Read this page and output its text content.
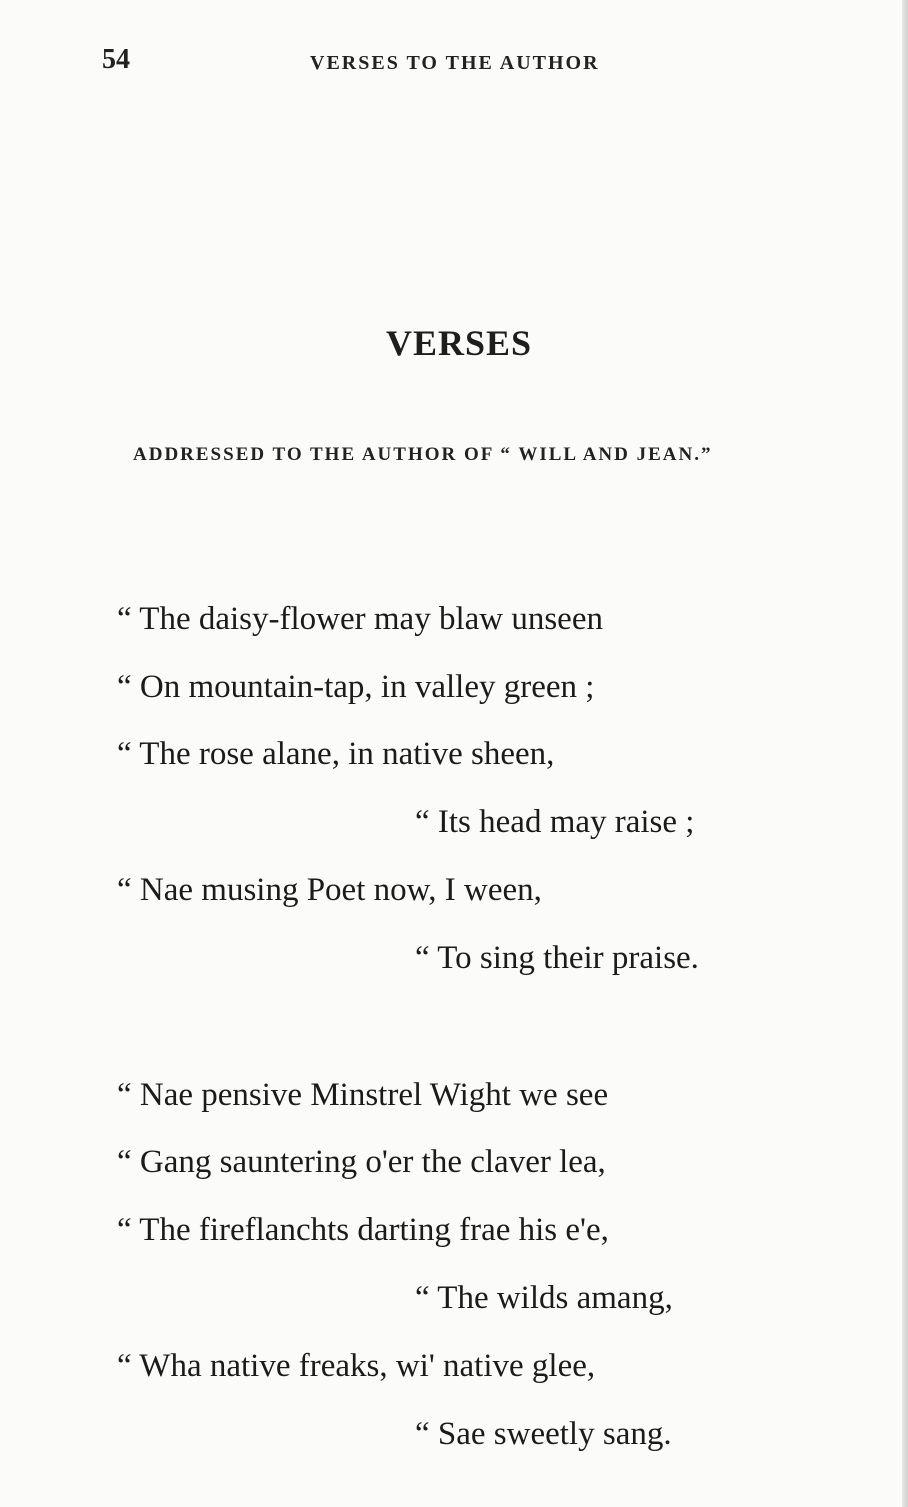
54	VERSES TO THE AUTHOR
VERSES
ADDRESSED TO THE AUTHOR OF “ WILL AND JEAN.”
“ The daisy-flower may blaw unseen
“ On mountain-tap, in valley green ;
“ The rose alane, in native sheen,
“ Its head may raise ;
“ Nae musing Poet now, I ween,
“ To sing their praise.
“ Nae pensive Minstrel Wight we see
“ Gang sauntering o'er the claver lea,
“ The fireflanchts darting frae his e'e,
“ The wilds amang,
“ Wha native freaks, wi' native glee,
“ Sae sweetly sang.
